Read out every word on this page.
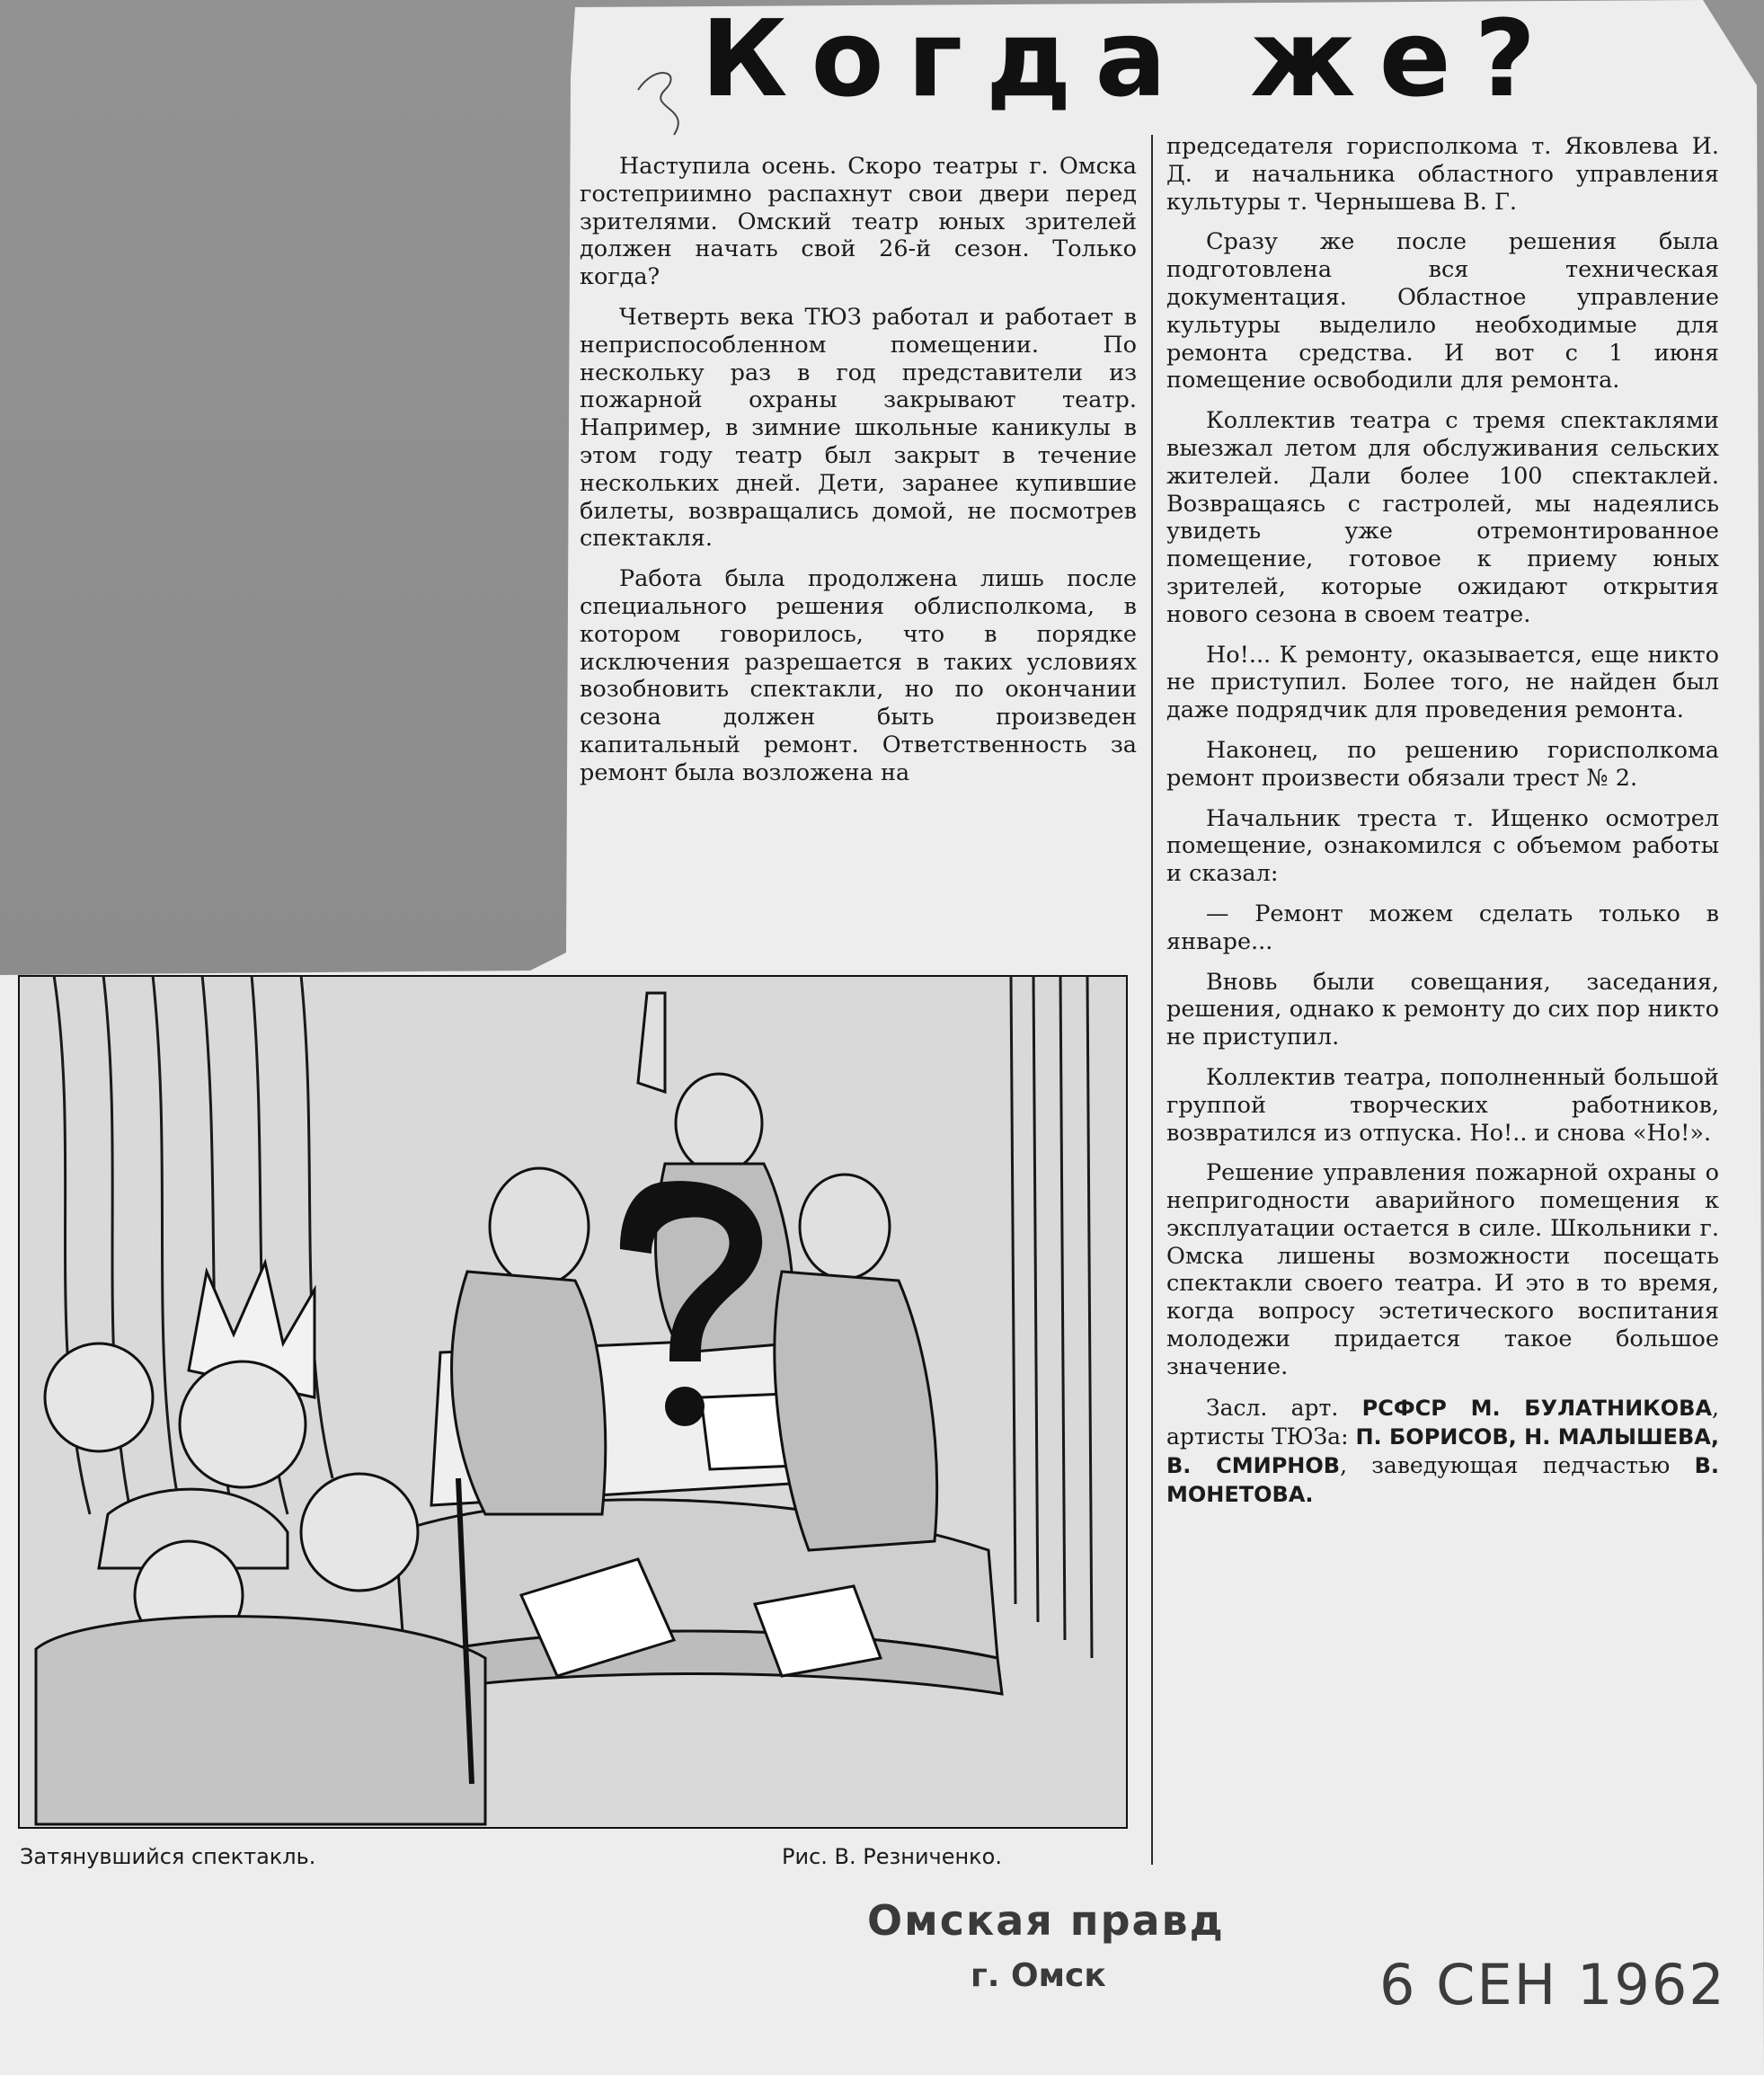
Когда же?

Наступила осень. Скоро театры г. Омска гостеприимно распахнут свои двери перед зрителями. Омский театр юных зрителей должен начать свой 26-й сезон. Только когда?

Четверть века ТЮЗ работал и работает в неприспособленном помещении. По нескольку раз в год представители из пожарной охраны закрывают театр. Например, в зимние школьные каникулы в этом году театр был закрыт в течение нескольких дней. Дети, заранее купившие билеты, возвращались домой, не посмотрев спектакля.

Работа была продолжена лишь после специального решения облисполкома, в котором говорилось, что в порядке исключения разрешается в таких условиях возобновить спектакли, но по окончании сезона должен быть произведен капитальный ремонт. Ответственность за ремонт была возложена на

председателя горисполкома т. Яковлева И. Д. и начальника областного управления культуры т. Чернышева В. Г.

Сразу же после решения была подготовлена вся техническая документация. Областное управление культуры выделило необходимые для ремонта средства. И вот с 1 июня помещение освободили для ремонта.

Коллектив театра с тремя спектаклями выезжал летом для обслуживания сельских жителей. Дали более 100 спектаклей. Возвращаясь с гастролей, мы надеялись увидеть уже отремонтированное помещение, готовое к приему юных зрителей, которые ожидают открытия нового сезона в своем театре.

Но!... К ремонту, оказывается, еще никто не приступил. Более того, не найден был даже подрядчик для проведения ремонта.

Наконец, по решению горисполкома ремонт произвести обязали трест № 2.

Начальник треста т. Ищенко осмотрел помещение, ознакомился с объемом работы и сказал:

— Ремонт можем сделать только в январе...

Вновь были совещания, заседания, решения, однако к ремонту до сих пор никто не приступил.

Коллектив театра, пополненный большой группой творческих работников, возвратился из отпуска. Но!.. и снова «Но!».

Решение управления пожарной охраны о непригодности аварийного помещения к эксплуатации остается в силе. Школьники г. Омска лишены возможности посещать спектакли своего театра. И это в то время, когда вопросу эстетического воспитания молодежи придается такое большое значение.

Засл. арт. РСФСР М. БУЛАТНИКОВА, артисты ТЮЗа: П. БОРИСОВ, Н. МАЛЫШЕВА, В. СМИРНОВ, заведующая педчастью В. МОНЕТОВА.

Затянувшийся спектакль.	Рис. В. Резниченко.
Омская правд
г. Омск	6 СЕН 1962
